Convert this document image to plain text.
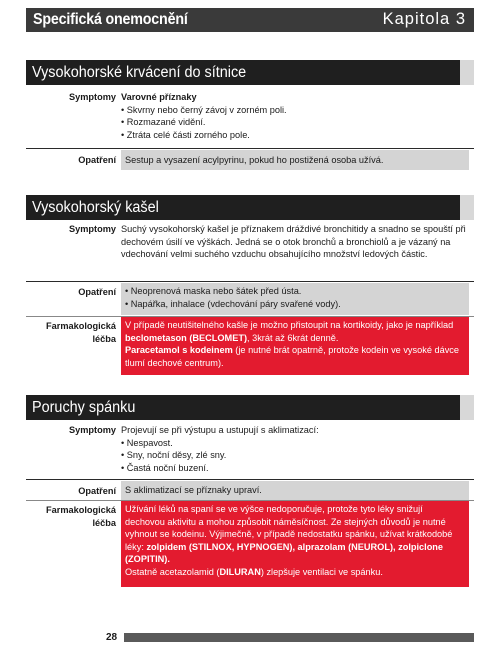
Specifická onemocnění	Kapitola 3
Vysokohorské krvácení do sítnice
Symptomy Varovné příznaky
• Skvrny nebo černý závoj v zorném poli.
• Rozmazané vidění.
• Ztráta celé části zorného pole.
Opatření Sestup a vysazení acylpyrinu, pokud ho postižená osoba užívá.
Vysokohorský kašel
Symptomy Suchý vysokohorský kašel je příznakem dráždivé bronchitidy a snadno se spouští při dechovém úsilí ve výškách. Jedná se o otok bronchů a bronchiolů a je vázaný na vdechování velmi suchého vzduchu obsahujícího množství ledových částic.
Opatření
•	Neoprenová maska nebo šátek před ústa.
• Napářka, inhalace (vdechování páry svařené vody).
Farmakologická léčba
V případě neutišitelného kašle je možno přistoupit na kortikoidy, jako je například beclometason (BECLOMET), 3krát až 6krát denně.
Paracetamol s kodeinem (je nutné brát opatrně, protože kodein ve vysoké dávce tlumí dechové centrum).
Poruchy spánku
Symptomy Projevují se při výstupu a ustupují s aklimatizací:
• Nespavost.
• Sny, noční děsy, zlé sny.
• Častá noční buzení.
Opatření S aklimatizací se příznaky upraví.
Farmakologická léčba
Užívání léků na spaní se ve výšce nedoporučuje, protože tyto léky snižují dechovou aktivitu a mohou způsobit náměsíčnost. Ze stejných důvodů je nutné vyhnout se kodeinu. Výjimečně, v případě nedostatku spánku, užívat krátkodobé léky: zolpidem (STILNOX, HYPNOGEN), alprazolam (NEUROL), zolpiclone (ZOPITIN).
Ostatně acetazolamid (DILURAN) zlepšuje ventilaci ve spánku.
28
